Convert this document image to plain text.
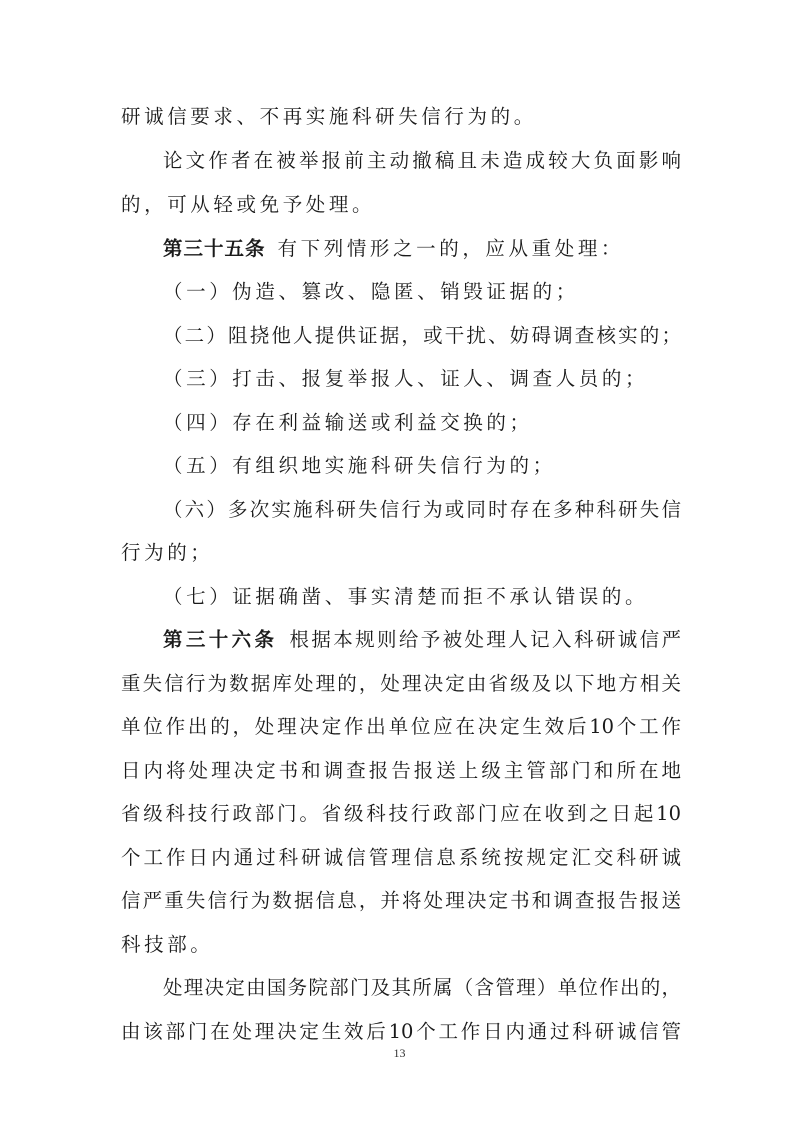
研诚信要求、不再实施科研失信行为的。
论文作者在被举报前主动撤稿且未造成较大负面影响
的，可从轻或免予处理。
第三十五条 有下列情形之一的，应从重处理：
（一）伪造、篡改、隐匿、销毁证据的；
（二）阻挠他人提供证据，或干扰、妨碍调查核实的；
（三）打击、报复举报人、证人、调查人员的；
（四）存在利益输送或利益交换的；
（五）有组织地实施科研失信行为的；
（六）多次实施科研失信行为或同时存在多种科研失信
行为的；
（七）证据确凿、事实清楚而拒不承认错误的。
第三十六条 根据本规则给予被处理人记入科研诚信严
重失信行为数据库处理的，处理决定由省级及以下地方相关
单位作出的，处理决定作出单位应在决定生效后10个工作
日内将处理决定书和调查报告报送上级主管部门和所在地
省级科技行政部门。省级科技行政部门应在收到之日起10
个工作日内通过科研诚信管理信息系统按规定汇交科研诚
信严重失信行为数据信息，并将处理决定书和调查报告报送
科技部。
处理决定由国务院部门及其所属（含管理）单位作出的，
由该部门在处理决定生效后10个工作日内通过科研诚信管
13
